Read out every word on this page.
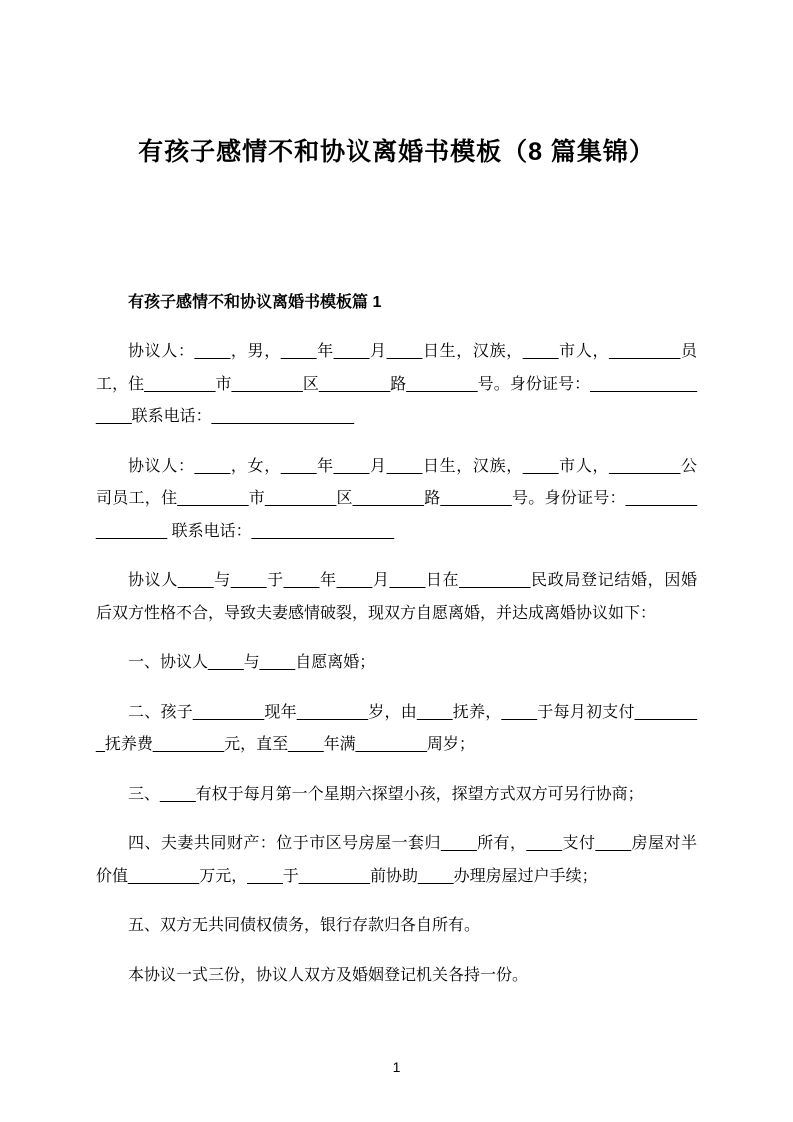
有孩子感情不和协议离婚书模板（8 篇集锦）
有孩子感情不和协议离婚书模板篇 1

协议人：____，男，____年____月____日生，汉族，____市人，________员工，住________市________区________路________号。身份证号：________________联系电话：________________

协议人：____，女，____年____月____日生，汉族，____市人，________公司员工，住________市________区________路________号。身份证号：________________ 联系电话：________________

协议人____与____于____年____月____日在________民政局登记结婚，因婚后双方性格不合，导致夫妻感情破裂，现双方自愿离婚，并达成离婚协议如下：

一、协议人____与____自愿离婚；

二、孩子________现年________岁，由____抚养，____于每月初支付________抚养费________元，直至____年满________周岁；

三、____有权于每月第一个星期六探望小孩，探望方式双方可另行协商；

四、夫妻共同财产：位于市区号房屋一套归____所有，____支付____房屋对半价值________万元，____于________前协助____办理房屋过户手续；

五、双方无共同债权债务，银行存款归各自所有。

本协议一式三份，协议人双方及婚姻登记机关各持一份。

1
